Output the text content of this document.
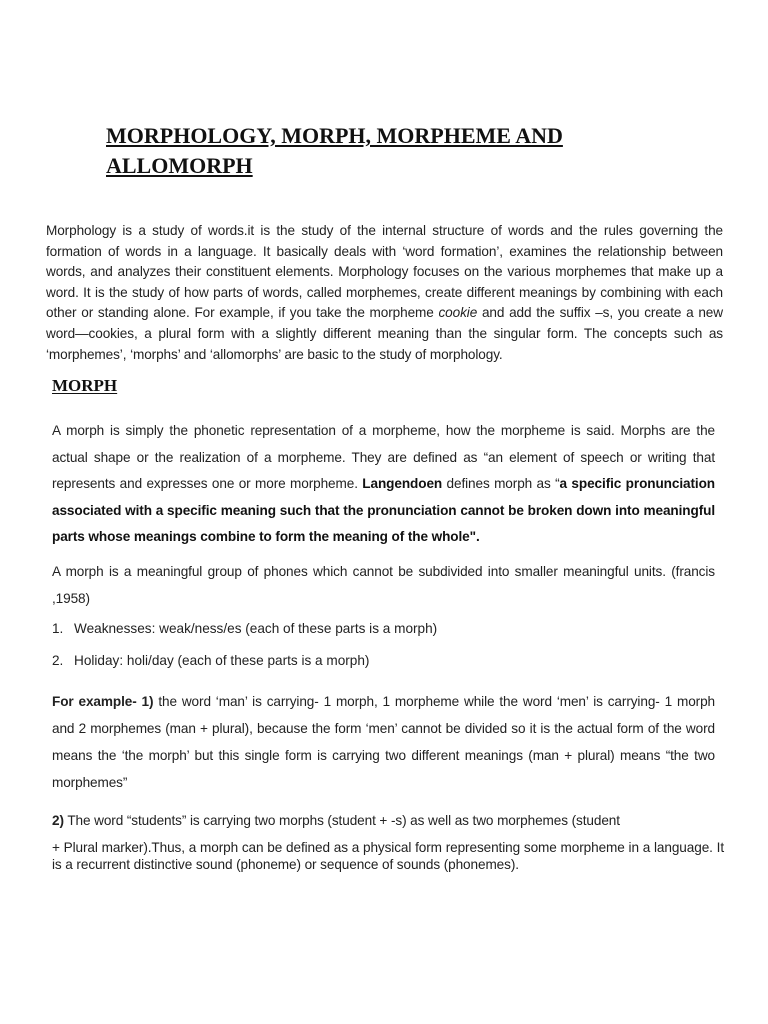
MORPHOLOGY, MORPH, MORPHEME AND ALLOMORPH

Morphology is a study of words.it is the study of the internal structure of words and the rules governing the formation of words in a language. It basically deals with ‘word formation’, examines the relationship between words, and analyzes their constituent elements. Morphology focuses on the various morphemes that make up a word. It is the study of how parts of words, called morphemes, create different meanings by combining with each other or standing alone. For example, if you take the morpheme cookie and add the suffix –s, you create a new word—cookies, a plural form with a slightly different meaning than the singular form. The concepts such as ‘morphemes’, ‘morphs’ and ‘allomorphs’ are basic to the study of morphology.

MORPH

A morph is simply the phonetic representation of a morpheme, how the morpheme is said. Morphs are the actual shape or the realization of a morpheme. They are defined as “an element of speech or writing that represents and expresses one or more morpheme. Langendoen defines morph as “a specific pronunciation associated with a specific meaning such that the pronunciation cannot be broken down into meaningful parts whose meanings combine to form the meaning of the whole".

A morph is a meaningful group of phones which cannot be subdivided into smaller meaningful units. (francis ,1958)

1. Weaknesses: weak/ness/es (each of these parts is a morph)
2. Holiday: holi/day (each of these parts is a morph)

For example- 1) the word ‘man’ is carrying- 1 morph, 1 morpheme while the word ‘men’ is carrying- 1 morph and 2 morphemes (man + plural), because the form ‘men’ cannot be divided so it is the actual form of the word means the ‘the morph’ but this single form is carrying two different meanings (man + plural) means “the two morphemes”

2) The word “students” is carrying two morphs (student + -s) as well as two morphemes (student

+ Plural marker).Thus, a morph can be defined as a physical form representing some morpheme in a language. It is a recurrent distinctive sound (phoneme) or sequence of sounds (phonemes).
